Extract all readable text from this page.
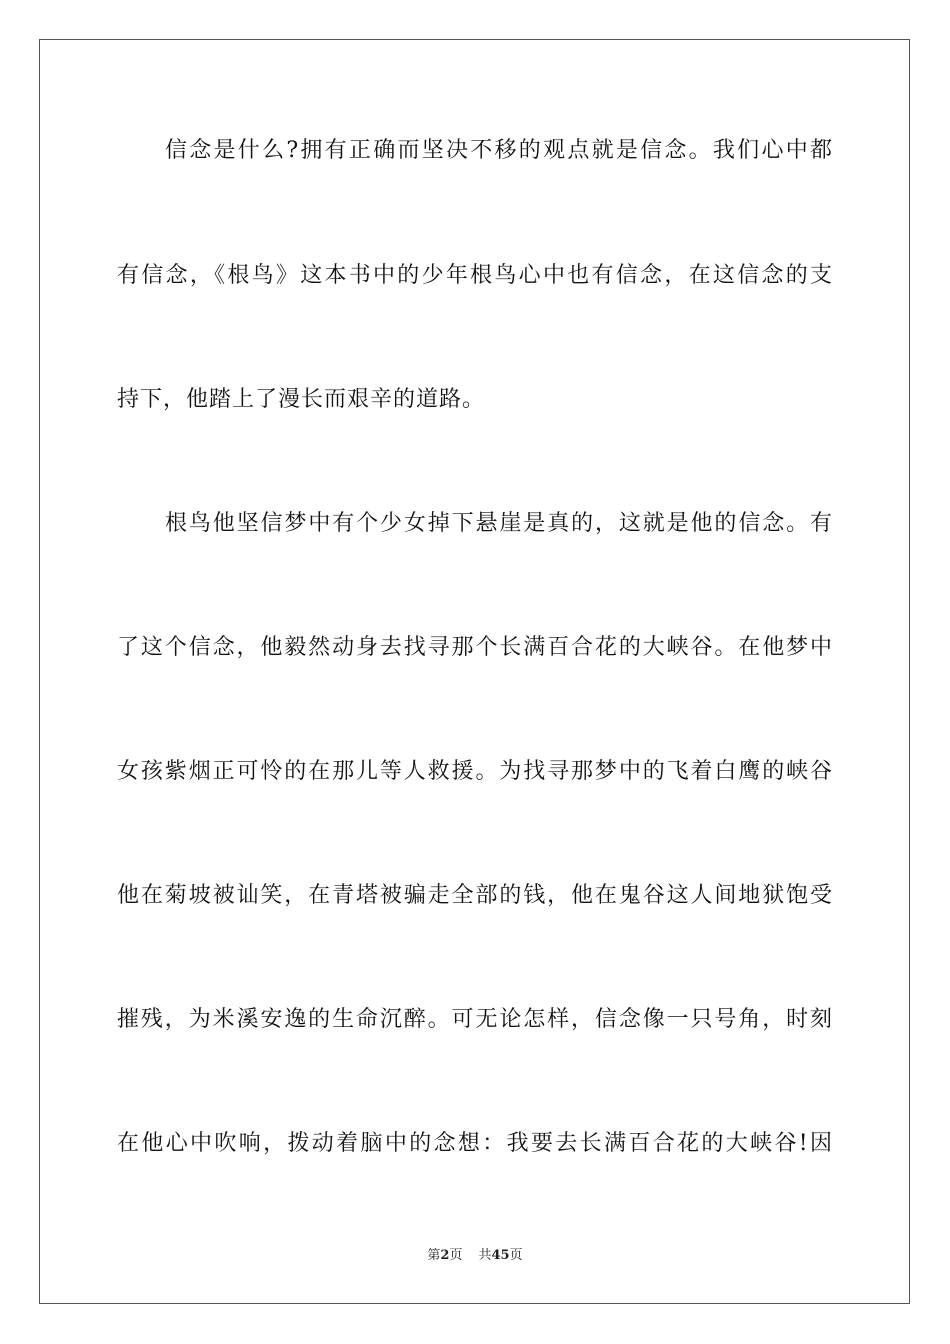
信念是什么?拥有正确而坚决不移的观点就是信念。我们心中都
有信念，《根鸟》这本书中的少年根鸟心中也有信念，在这信念的支
持下，他踏上了漫长而艰辛的道路。
根鸟他坚信梦中有个少女掉下悬崖是真的，这就是他的信念。有
了这个信念，他毅然动身去找寻那个长满百合花的大峡谷。在他梦中
女孩紫烟正可怜的在那儿等人救援。为找寻那梦中的飞着白鹰的峡谷
他在菊坡被讪笑，在青塔被骗走全部的钱，他在鬼谷这人间地狱饱受
摧残，为米溪安逸的生命沉醉。可无论怎样，信念像一只号角，时刻
在他心中吹响，拨动着脑中的念想：我要去长满百合花的大峡谷!因
第2页 共45页
